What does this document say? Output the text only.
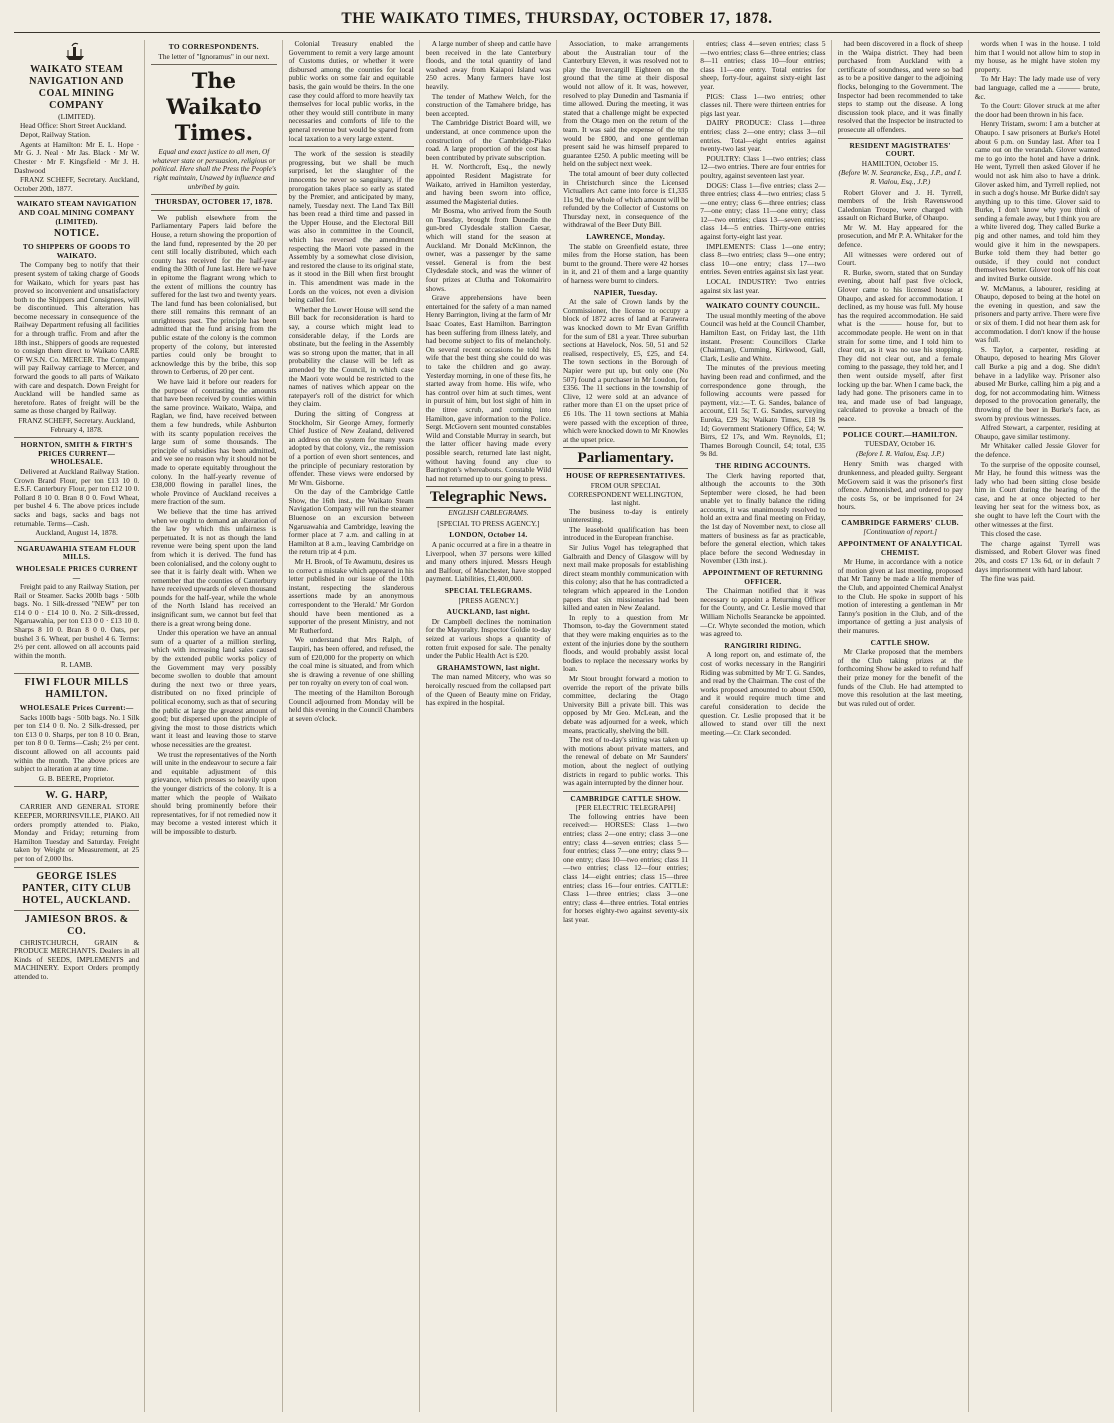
THE WAIKATO TIMES, THURSDAY, OCTOBER 17, 1878.
WAIKATO STEAM NAVIGATION AND COAL MINING COMPANY
(LIMITED).
Head Office: Short Street Auckland.
Depot, Railway Station.
Agents at Hamilton: Mr E. L. Hope · Mr G. J. Neal · Mr Jas. Black · Mr W. Chester · Mr F. Kingsfield · Mr J. H. Dashwood
FRANZ SCHEFF, Secretary. Auckland, October 20th, 1877.
WAIKATO STEAM NAVIGATION AND COAL MINING COMPANY (LIMITED).
NOTICE.
TO SHIPPERS OF GOODS TO WAIKATO.
The Company beg to notify that their present system of taking charge of Goods for Waikato, which for years past has proved so inconvenient and unsatisfactory both to the Shippers and Consignees, will be discontinued. This alteration has become necessary in consequence of the Railway Department refusing all facilities for a through traffic. From and after the 18th inst., Shippers of goods are requested to consign them direct to Waikato CARE OF W.S.N. Co. MERCER. The Company will pay Railway carriage to Mercer, and forward the goods to all parts of Waikato with care and despatch. Down Freight for Auckland will be handled same as heretofore. Rates of freight will be the same as those charged by Railway.
FRANZ SCHEFF, Secretary. Auckland, February 4, 1878.
HORNTON, SMITH & FIRTH'S PRICES CURRENT—WHOLESALE.
Delivered at Auckland Railway Station. Crown Brand Flour, per ton £13 10 0. E.S.F. Canterbury Flour, per ton £12 10 0. Pollard 8 10 0. Bran 8 0 0. Fowl Wheat, per bushel 4 6. The above prices include sacks and bags, sacks and bags not returnable. Terms—Cash.
Auckland, August 14, 1878.
NGARUAWAHIA STEAM FLOUR MILLS.
WHOLESALE PRICES CURRENT—
Freight paid to any Railway Station, per Rail or Steamer. Sacks 200lb bags · 50lb bags. No. 1 Silk-dressed "NEW" per ton £14 0 0 · £14 10 0. No. 2 Silk-dressed, Ngaruawahia, per ton £13 0 0 · £13 10 0. Sharps 8 10 0. Bran 8 0 0. Oats, per bushel 3 6. Wheat, per bushel 4 6. Terms: 2½ per cent. allowed on all accounts paid within the month.
R. LAMB.
FIWI FLOUR MILLS HAMILTON.
WHOLESALE Prices Current:—
Sacks 100lb bags · 50lb bags. No. 1 Silk per ton £14 0 0. No. 2 Silk-dressed, per ton £13 0 0. Sharps, per ton 8 10 0. Bran, per ton 8 0 0. Terms—Cash; 2½ per cent. discount allowed on all accounts paid within the month. The above prices are subject to alteration at any time.
G. B. BEERE, Proprietor.
W. G. HARP,
CARRIER AND GENERAL STORE KEEPER, MORRINSVILLE, PIAKO. All orders promptly attended to. Piako, Monday and Friday; returning from Hamilton Tuesday and Saturday. Freight taken by Weight or Measurement, at 25 per ton of 2,000 lbs.
GEORGE ISLES PANTER, CITY CLUB HOTEL, AUCKLAND.
JAMIESON BROS. & CO.
CHRISTCHURCH, GRAIN & PRODUCE MERCHANTS. Dealers in all Kinds of SEEDS, IMPLEMENTS and MACHINERY. Export Orders promptly attended to.
TO CORRESPONDENTS.
The letter of "Ignoramus" in our next.
The Waikato Times.
Equal and exact justice to all men, Of whatever state or persuasion, religious or political. Here shall the Press the People's right maintain, Unawed by influence and unbribed by gain.
THURSDAY, OCTOBER 17, 1878.
We publish elsewhere from the Parliamentary Papers laid before the House, a return showing the proportion of the land fund, represented by the 20 per cent still locally distributed, which each county has received for the half-year ending the 30th of June last. Here we have in epitome the flagrant wrong which to the extent of millions the country has suffered for the last two and twenty years. The land fund has been colonialised, but there still remains this remnant of an unrighteous past. The principle has been admitted that the fund arising from the public estate of the colony is the common property of the colony, but interested parties could only be brought to acknowledge this by the bribe, this sop thrown to Cerberus, of 20 per cent.
We have laid it before our readers for the purpose of contrasting the amounts that have been received by counties within the same province. Waikato, Waipa, and Raglan, we find, have received between them a few hundreds, while Ashburton with its scanty population receives the large sum of some thousands. The principle of subsidies has been admitted, and we see no reason why it should not be made to operate equitably throughout the colony. In the half-yearly revenue of £38,000 flowing in parallel lines, the whole Province of Auckland receives a mere fraction of the sum.
We believe that the time has arrived when we ought to demand an alteration of the law by which this unfairness is perpetuated. It is not as though the land revenue were being spent upon the land from which it is derived. The fund has been colonialised, and the colony ought to see that it is fairly dealt with. When we remember that the counties of Canterbury have received upwards of eleven thousand pounds for the half-year, while the whole of the North Island has received an insignificant sum, we cannot but feel that there is a great wrong being done.
Under this operation we have an annual sum of a quarter of a million sterling, which with increasing land sales caused by the extended public works policy of the Government may very possibly become swollen to double that amount during the next two or three years, distributed on no fixed principle of political economy, such as that of securing the public at large the greatest amount of good; but dispersed upon the principle of giving the most to those districts which want it least and leaving those to starve whose necessities are the greatest.
We trust the representatives of the North will unite in the endeavour to secure a fair and equitable adjustment of this grievance, which presses so heavily upon the younger districts of the colony. It is a matter which the people of Waikato should bring prominently before their representatives, for if not remedied now it may become a vested interest which it will be impossible to disturb.
Colonial Treasury enabled the Government to remit a very large amount of Customs duties, or whether it were disbursed among the counties for local public works on some fair and equitable basis, the gain would be theirs. In the one case they could afford to more heavily tax themselves for local public works, in the other they would still contribute in many necessaries and comforts of life to the general revenue but would be spared from local taxation to a very large extent.
The work of the session is steadily progressing, but we shall be much surprised, let the slaughter of the innocents be never so sanguinary, if the prorogation takes place so early as stated by the Premier, and anticipated by many, namely, Tuesday next. The Land Tax Bill has been read a third time and passed in the Upper House, and the Electoral Bill was also in committee in the Council, which has reversed the amendment respecting the Maori vote passed in the Assembly by a somewhat close division, and restored the clause to its original state, as it stood in the Bill when first brought in. This amendment was made in the Lords on the voices, not even a division being called for.
Whether the Lower House will send the Bill back for reconsideration is hard to say, a course which might lead to considerable delay, if the Lords are obstinate, but the feeling in the Assembly was so strong upon the matter, that in all probability the clause will be left as amended by the Council, in which case the Maori vote would be restricted to the names of natives which appear on the ratepayer's roll of the district for which they claim.
During the sitting of Congress at Stockholm, Sir George Arney, formerly Chief Justice of New Zealand, delivered an address on the system for many years adopted by that colony, viz., the remission of a portion of even short sentences, and the principle of pecuniary restoration by offender. These views were endorsed by Mr Wm. Gisborne.
On the day of the Cambridge Cattle Show, the 16th inst., the Waikato Steam Navigation Company will run the steamer Bluenose on an excursion between Ngaruawahia and Cambridge, leaving the former place at 7 a.m. and calling in at Hamilton at 8 a.m., leaving Cambridge on the return trip at 4 p.m.
Mr H. Brook, of Te Awamutu, desires us to correct a mistake which appeared in his letter published in our issue of the 10th instant, respecting the slanderous assertions made by an anonymous correspondent to the 'Herald.' Mr Gordon should have been mentioned as a supporter of the present Ministry, and not Mr Rutherford.
We understand that Mrs Ralph, of Taupiri, has been offered, and refused, the sum of £20,000 for the property on which the coal mine is situated, and from which she is drawing a revenue of one shilling per ton royalty on every ton of coal won.
The meeting of the Hamilton Borough Council adjourned from Monday will be held this evening in the Council Chambers at seven o'clock.
A large number of sheep and cattle have been received in the late Canterbury floods, and the total quantity of land washed away from Kaiapoi Island was 250 acres. Many farmers have lost heavily.
The tender of Mathew Welch, for the construction of the Tamahere bridge, has been accepted.
The Cambridge District Board will, we understand, at once commence upon the construction of the Cambridge-Piako road. A large proportion of the cost has been contributed by private subscription.
H. W. Northcroft, Esq., the newly appointed Resident Magistrate for Waikato, arrived in Hamilton yesterday, and having been sworn into office, assumed the Magisterial duties.
Mr Bosma, who arrived from the South on Tuesday, brought from Dunedin the gun-bred Clydesdale stallion Caesar, which will stand for the season at Auckland. Mr Donald McKinnon, the owner, was a passenger by the same vessel. General is from the best Clydesdale stock, and was the winner of four prizes at Clutha and Tokomairiro shows.
Grave apprehensions have been entertained for the safety of a man named Henry Barrington, living at the farm of Mr Isaac Coates, East Hamilton. Barrington has been suffering from illness lately, and had become subject to fits of melancholy. On several recent occasions he told his wife that the best thing she could do was to take the children and go away. Yesterday morning, in one of these fits, he started away from home. His wife, who has control over him at such times, went in pursuit of him, but lost sight of him in the titree scrub, and coming into Hamilton, gave information to the Police. Sergt. McGovern sent mounted constables Wild and Constable Murray in search, but the latter officer having made every possible search, returned late last night, without having found any clue to Barrington's whereabouts. Constable Wild had not returned up to our going to press.
Telegraphic News.
ENGLISH CABLEGRAMS.
[SPECIAL TO PRESS AGENCY.]
LONDON, October 14.
A panic occurred at a fire in a theatre in Liverpool, when 37 persons were killed and many others injured. Messrs Heugh and Balfour, of Manchester, have stopped payment. Liabilities, £1,400,000.
SPECIAL TELEGRAMS.
[PRESS AGENCY.]
AUCKLAND, last night.
Dr Campbell declines the nomination for the Mayoralty. Inspector Goldie to-day seized at various shops a quantity of rotten fruit exposed for sale. The penalty under the Public Health Act is £20.
GRAHAMSTOWN, last night.
The man named Mitcery, who was so heroically rescued from the collapsed part of the Queen of Beauty mine on Friday, has expired in the hospital.
Association, to make arrangements about the Australian tour of the Canterbury Eleven, it was resolved not to play the Invercargill Eighteen on the ground that the time at their disposal would not allow of it. It was, however, resolved to play Dunedin and Tasmania if time allowed. During the meeting, it was stated that a challenge might be expected from the Otago men on the return of the team. It was said the expense of the trip would be £800, and one gentleman present said he was himself prepared to guarantee £250. A public meeting will be held on the subject next week.
The total amount of beer duty collected in Christchurch since the Licensed Victuallers Act came into force is £1,335 11s 9d, the whole of which amount will be refunded by the Collector of Customs on Thursday next, in consequence of the withdrawal of the Beer Duty Bill.
LAWRENCE, Monday.
The stable on Greenfield estate, three miles from the Horse station, has been burnt to the ground. There were 42 horses in it, and 21 of them and a large quantity of harness were burnt to cinders.
NAPIER, Tuesday.
At the sale of Crown lands by the Commissioner, the license to occupy a block of 1872 acres of land at Farawera was knocked down to Mr Evan Griffith for the sum of £81 a year. Three suburban sections at Havelock, Nos. 50, 51 and 52 realised, respectively, £5, £25, and £4. The town sections in the Borough of Napier were put up, but only one (No 507) found a purchaser in Mr Loudon, for £356. The 11 sections in the township of Clive, 12 were sold at an advance of rather more than £1 on the upset price of £6 10s. The 11 town sections at Mahia were passed with the exception of three, which were knocked down to Mr Knowles at the upset price.
Parliamentary.
HOUSE OF REPRESENTATIVES.
FROM OUR SPECIAL CORRESPONDENT WELLINGTON, last night.
The business to-day is entirely uninteresting.
The leasehold qualification has been introduced in the European franchise.
Sir Julius Vogel has telegraphed that Galbraith and Dency of Glasgow will by next mail make proposals for establishing direct steam monthly communication with this colony; also that he has contradicted a telegram which appeared in the London papers that six missionaries had been killed and eaten in New Zealand.
In reply to a question from Mr Thomson, to-day the Government stated that they were making enquiries as to the extent of the injuries done by the southern floods, and would probably assist local bodies to replace the necessary works by loan.
Mr Stout brought forward a motion to override the report of the private bills committee, declaring the Otago University Bill a private bill. This was opposed by Mr Geo. McLean, and the debate was adjourned for a week, which means, practically, shelving the bill.
The rest of to-day's sitting was taken up with motions about private matters, and the renewal of debate on Mr Saunders' motion, about the neglect of outlying districts in regard to public works. This was again interrupted by the dinner hour.
CAMBRIDGE CATTLE SHOW.
[PER ELECTRIC TELEGRAPH]
The following entries have been received:— HORSES: Class 1—two entries; class 2—one entry; class 3—one entry; class 4—seven entries; class 5—four entries; class 7—one entry; class 9—one entry; class 10—two entries; class 11—two entries; class 12—four entries; class 14—eight entries; class 15—three entries; class 16—four entries. CATTLE: Class 1—three entries; class 3—one entry; class 4—three entries. Total entries for horses eighty-two against seventy-six last year.
entries; class 4—seven entries; class 5—two entries; class 6—three entries; class 8—11 entries; class 10—four entries; class 11—one entry. Total entries for sheep, forty-four, against sixty-eight last year.
PIGS: Class 1—two entries; other classes nil. There were thirteen entries for pigs last year.
DAIRY PRODUCE: Class 1—three entries; class 2—one entry; class 3—nil entries. Total—eight entries against twenty-two last year.
POULTRY: Class 1—two entries; class 12—two entries. There are four entries for poultry, against seventeen last year.
DOGS: Class 1—five entries; class 2—three entries; class 4—two entries; class 5—one entry; class 6—three entries; class 7—one entry; class 11—one entry; class 12—two entries; class 13—seven entries; class 14—5 entries. Thirty-one entries against forty-eight last year.
IMPLEMENTS: Class 1—one entry; class 8—two entries; class 9—one entry; class 10—one entry; class 17—two entries. Seven entries against six last year.
LOCAL INDUSTRY: Two entries against six last year.
WAIKATO COUNTY COUNCIL.
The usual monthly meeting of the above Council was held at the Council Chamber, Hamilton East, on Friday last, the 11th instant. Present: Councillors Clarke (Chairman), Cumming, Kirkwood, Gall, Clark, Leslie and White.
The minutes of the previous meeting having been read and confirmed, and the correspondence gone through, the following accounts were passed for payment, viz.:—T. G. Sandes, balance of account, £11 5s; T. G. Sandes, surveying Eureka, £29 3s; Waikato Times, £18 9s 1d; Government Stationery Office, £4; W. Birrs, £2 17s, and Wm. Reynolds, £1; Thames Borough Council, £4; total, £35 9s 8d.
THE RIDING ACCOUNTS.
The Clerk having reported that, although the accounts to the 30th September were closed, he had been unable yet to finally balance the riding accounts, it was unanimously resolved to hold an extra and final meeting on Friday, the 1st day of November next, to close all matters of business as far as practicable, before the general election, which takes place before the second Wednesday in November (13th inst.).
APPOINTMENT OF RETURNING OFFICER.
The Chairman notified that it was necessary to appoint a Returning Officer for the County, and Cr. Leslie moved that William Nicholls Searancke be appointed.—Cr. Whyte seconded the motion, which was agreed to.
RANGIRIRI RIDING.
A long report on, and estimate of, the cost of works necessary in the Rangiriri Riding was submitted by Mr T. G. Sandes, and read by the Chairman. The cost of the works proposed amounted to about £500, and it would require much time and careful consideration to decide the question. Cr. Leslie proposed that it be allowed to stand over till the next meeting.—Cr. Clark seconded.
had been discovered in a flock of sheep in the Waipa district. They had been purchased from Auckland with a certificate of soundness, and were so bad as to be a positive danger to the adjoining flocks, belonging to the Government. The Inspector had been recommended to take steps to stamp out the disease. A long discussion took place, and it was finally resolved that the Inspector be instructed to prosecute all offenders.
RESIDENT MAGISTRATES' COURT.
HAMILTON, October 15.
(Before W. N. Searancke, Esq., J.P., and I. R. Vialou, Esq., J.P.)
Robert Glover and J. H. Tyrrell, members of the Irish Ravenswood Caledonian Troupe, were charged with assault on Richard Burke, of Ohaupo.
Mr W. M. Hay appeared for the prosecution, and Mr P. A. Whitaker for the defence.
All witnesses were ordered out of Court.
R. Burke, sworn, stated that on Sunday evening, about half past five o'clock, Glover came to his licensed house at Ohaupo, and asked for accommodation. I declined, as my house was full. My house has the required accommodation. He said what is the ——— house for, but to accommodate people. He went on in that strain for some time, and I told him to clear out, as it was no use his stopping. They did not clear out, and a female coming to the passage, they told her, and I then went outside myself, after first locking up the bar. When I came back, the lady had gone. The prisoners came in to tea, and made use of bad language, calculated to provoke a breach of the peace.
POLICE COURT.—HAMILTON.
TUESDAY, October 16.
(Before I. R. Vialou, Esq. J.P.)
Henry Smith was charged with drunkenness, and pleaded guilty. Sergeant McGovern said it was the prisoner's first offence. Admonished, and ordered to pay the costs 5s, or be imprisoned for 24 hours.
CAMBRIDGE FARMERS' CLUB.
[Continuation of report.]
APPOINTMENT OF ANALYTICAL CHEMIST.
Mr Hume, in accordance with a notice of motion given at last meeting, proposed that Mr Tanny be made a life member of the Club, and appointed Chemical Analyst to the Club. He spoke in support of his motion of interesting a gentleman in Mr Tanny's position in the Club, and of the importance of getting a just analysis of their manures.
CATTLE SHOW.
Mr Clarke proposed that the members of the Club taking prizes at the forthcoming Show be asked to refund half their prize money for the benefit of the funds of the Club. He had attempted to move this resolution at the last meeting, but was ruled out of order.
words when I was in the house. I told him that I would not allow him to stop in my house, as he might have stolen my property.
To Mr Hay: The lady made use of very bad language, called me a ——— brute, &c.
To the Court: Glover struck at me after the door had been thrown in his face.
Henry Tristam, sworn: I am a butcher at Ohaupo. I saw prisoners at Burke's Hotel about 6 p.m. on Sunday last. After tea I came out on the verandah. Glover wanted me to go into the hotel and have a drink. He went, Tyrrell then asked Glover if he would not ask him also to have a drink. Glover asked him, and Tyrrell replied, not in such a dog's house. Mr Burke didn't say anything up to this time. Glover said to Burke, I don't know why you think of sending a female away, but I think you are a white livered dog. They called Burke a pig and other names, and told him they would give it him in the newspapers. Burke told them they had better go outside, if they could not conduct themselves better. Glover took off his coat and invited Burke outside.
W. McManus, a labourer, residing at Ohaupo, deposed to being at the hotel on the evening in question, and saw the prisoners and party arrive. There were five or six of them. I did not hear them ask for accommodation. I don't know if the house was full.
S. Taylor, a carpenter, residing at Ohaupo, deposed to hearing Mrs Glover call Burke a pig and a dog. She didn't behave in a ladylike way. Prisoner also abused Mr Burke, calling him a pig and a dog, for not accommodating him. Witness deposed to the provocation generally, the throwing of the beer in Burke's face, as sworn by previous witnesses.
Alfred Stewart, a carpenter, residing at Ohaupo, gave similar testimony.
Mr Whitaker called Jessie Glover for the defence.
To the surprise of the opposite counsel, Mr Hay, he found this witness was the lady who had been sitting close beside him in Court during the hearing of the case, and he at once objected to her leaving her seat for the witness box, as she ought to have left the Court with the other witnesses at the first.
This closed the case.
The charge against Tyrrell was dismissed, and Robert Glover was fined 20s, and costs £7 13s 6d, or in default 7 days imprisonment with hard labour.
The fine was paid.
